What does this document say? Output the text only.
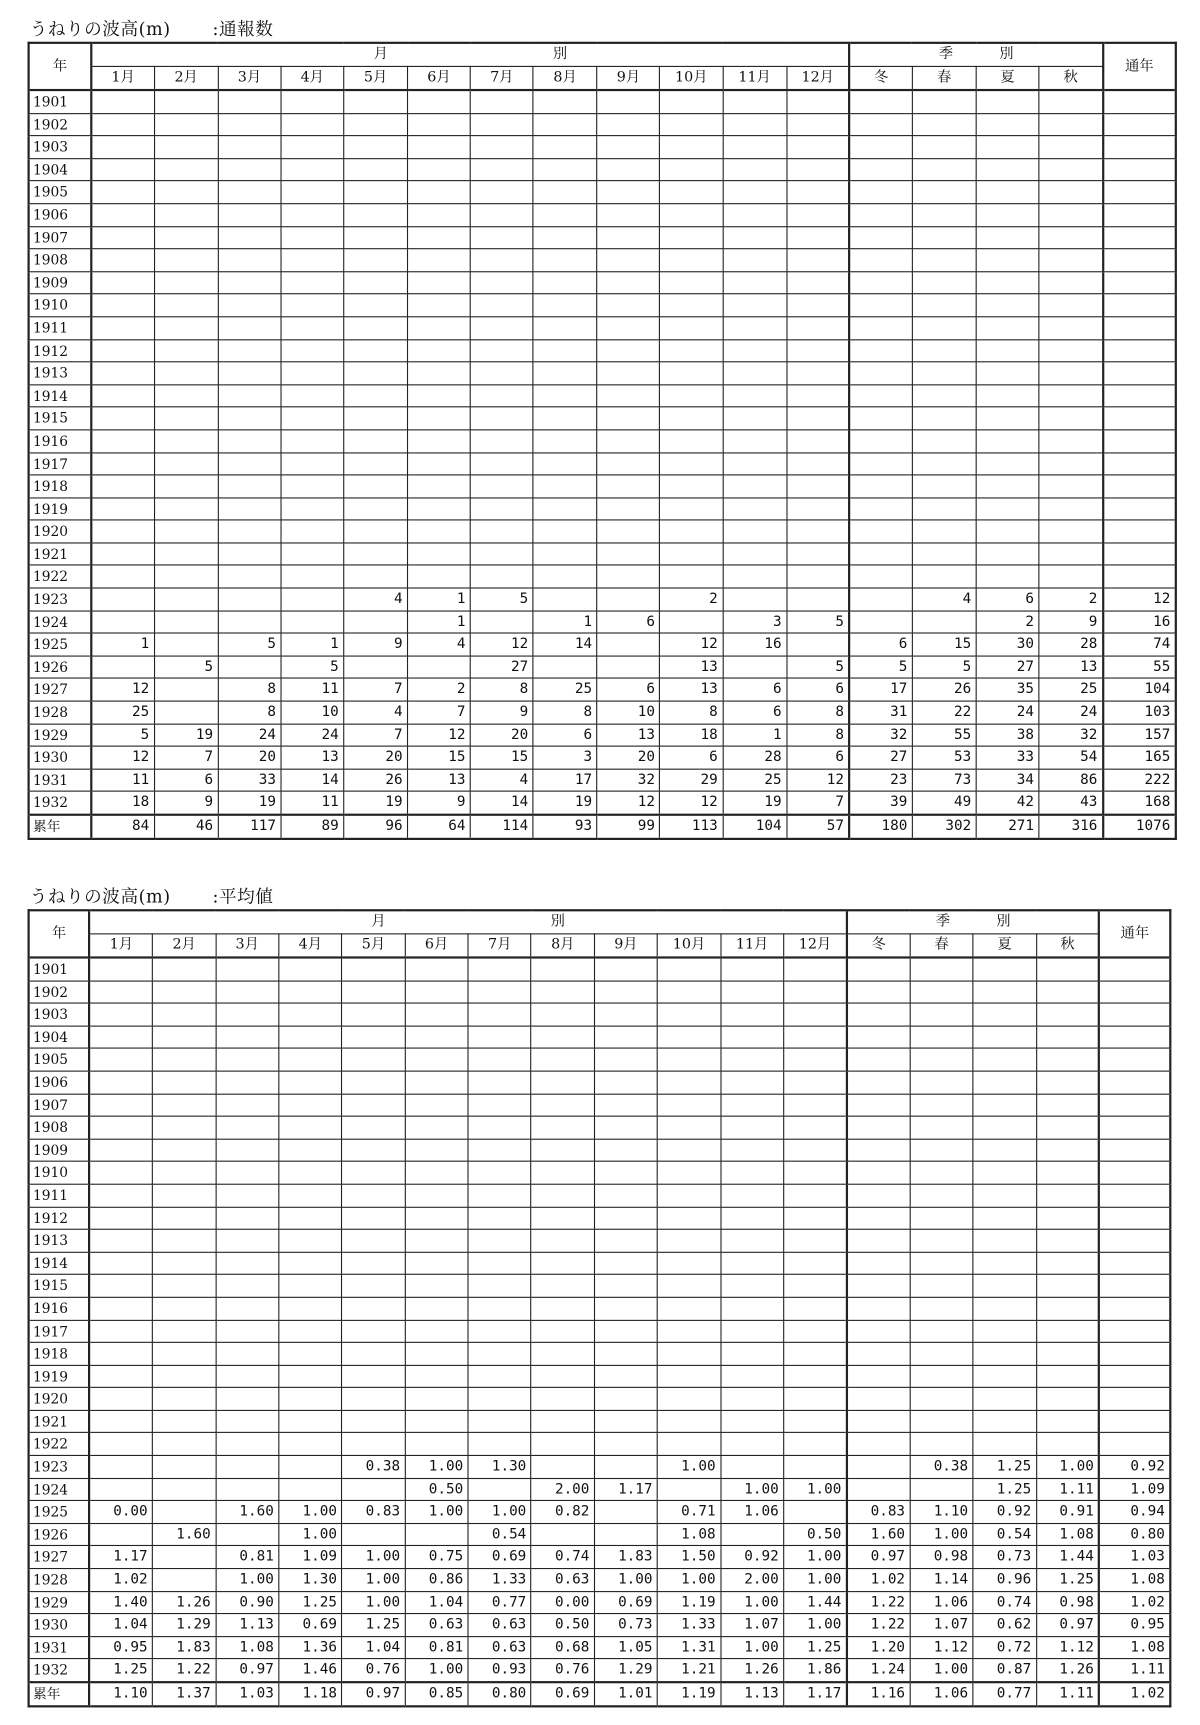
うねりの波高(m)	:通報数
年	月 別												季 別				通年
	1月	2月	3月	4月	5月	6月	7月	8月	9月	10月	11月	12月	冬	春	夏	秋	
1901																	
1902																	
1903																	
1904																	
1905																	
1906																	
1907																	
1908																	
1909																	
1910																	
1911																	
1912																	
1913																	
1914																	
1915																	
1916																	
1917																	
1918																	
1919																	
1920																	
1921																	
1922																	
1923					4	1	5			2				4	6	2	12
1924						1		1	6		3	5			2	9	16
1925	1		5	1	9	4	12	14		12	16		6	15	30	28	74
1926		5		5			27			13		5	5	5	27	13	55
1927	12		8	11	7	2	8	25	6	13	6	6	17	26	35	25	104
1928	25		8	10	4	7	9	8	10	8	6	8	31	22	24	24	103
1929	5	19	24	24	7	12	20	6	13	18	1	8	32	55	38	32	157
1930	12	7	20	13	20	15	15	3	20	6	28	6	27	53	33	54	165
1931	11	6	33	14	26	13	4	17	32	29	25	12	23	73	34	86	222
1932	18	9	19	11	19	9	14	19	12	12	19	7	39	49	42	43	168
累年	84	46	117	89	96	64	114	93	99	113	104	57	180	302	271	316	1076
うねりの波高(m)	:平均値
年	月 別												季 別				通年
	1月	2月	3月	4月	5月	6月	7月	8月	9月	10月	11月	12月	冬	春	夏	秋	
1901																	
1902																	
1903																	
1904																	
1905																	
1906																	
1907																	
1908																	
1909																	
1910																	
1911																	
1912																	
1913																	
1914																	
1915																	
1916																	
1917																	
1918																	
1919																	
1920																	
1921																	
1922																	
1923					0.38	1.00	1.30			1.00				0.38	1.25	1.00	0.92
1924						0.50		2.00	1.17		1.00	1.00			1.25	1.11	1.09
1925	0.00		1.60	1.00	0.83	1.00	1.00	0.82		0.71	1.06		0.83	1.10	0.92	0.91	0.94
1926		1.60		1.00			0.54			1.08		0.50	1.60	1.00	0.54	1.08	0.80
1927	1.17		0.81	1.09	1.00	0.75	0.69	0.74	1.83	1.50	0.92	1.00	0.97	0.98	0.73	1.44	1.03
1928	1.02		1.00	1.30	1.00	0.86	1.33	0.63	1.00	1.00	2.00	1.00	1.02	1.14	0.96	1.25	1.08
1929	1.40	1.26	0.90	1.25	1.00	1.04	0.77	0.00	0.69	1.19	1.00	1.44	1.22	1.06	0.74	0.98	1.02
1930	1.04	1.29	1.13	0.69	1.25	0.63	0.63	0.50	0.73	1.33	1.07	1.00	1.22	1.07	0.62	0.97	0.95
1931	0.95	1.83	1.08	1.36	1.04	0.81	0.63	0.68	1.05	1.31	1.00	1.25	1.20	1.12	0.72	1.12	1.08
1932	1.25	1.22	0.97	1.46	0.76	1.00	0.93	0.76	1.29	1.21	1.26	1.86	1.24	1.00	0.87	1.26	1.11
累年	1.10	1.37	1.03	1.18	0.97	0.85	0.80	0.69	1.01	1.19	1.13	1.17	1.16	1.06	0.77	1.11	1.02
